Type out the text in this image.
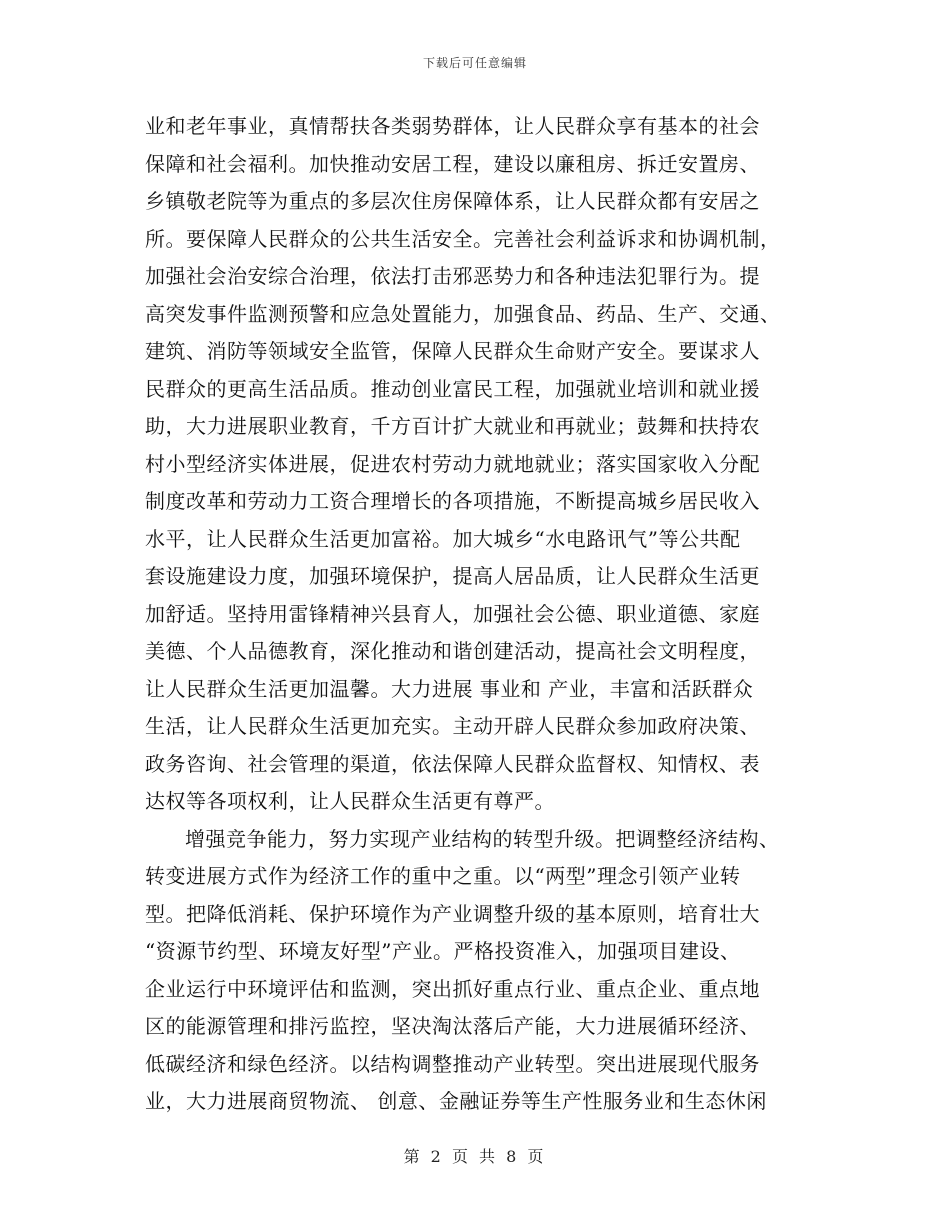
下载后可任意编辑
业和老年事业，真情帮扶各类弱势群体，让人民群众享有基本的社会
保障和社会福利。加快推动安居工程，建设以廉租房、拆迁安置房、
乡镇敬老院等为重点的多层次住房保障体系，让人民群众都有安居之
所。要保障人民群众的公共生活安全。完善社会利益诉求和协调机制，
加强社会治安综合治理，依法打击邪恶势力和各种违法犯罪行为。提
高突发事件监测预警和应急处置能力，加强食品、药品、生产、交通、
建筑、消防等领域安全监管，保障人民群众生命财产安全。要谋求人
民群众的更高生活品质。推动创业富民工程，加强就业培训和就业援
助，大力进展职业教育，千方百计扩大就业和再就业；鼓舞和扶持农
村小型经济实体进展，促进农村劳动力就地就业；落实国家收入分配
制度改革和劳动力工资合理增长的各项措施，不断提高城乡居民收入
水平，让人民群众生活更加富裕。加大城乡“水电路讯气”等公共配
套设施建设力度，加强环境保护，提高人居品质，让人民群众生活更
加舒适。坚持用雷锋精神兴县育人，加强社会公德、职业道德、家庭
美德、个人品德教育，深化推动和谐创建活动，提高社会文明程度，
让人民群众生活更加温馨。大力进展 事业和 产业，丰富和活跃群众
生活，让人民群众生活更加充实。主动开辟人民群众参加政府决策、
政务咨询、社会管理的渠道，依法保障人民群众监督权、知情权、表
达权等各项权利，让人民群众生活更有尊严。
增强竞争能力，努力实现产业结构的转型升级。把调整经济结构、
转变进展方式作为经济工作的重中之重。以“两型”理念引领产业转
型。把降低消耗、保护环境作为产业调整升级的基本原则，培育壮大
“资源节约型、环境友好型”产业。严格投资准入，加强项目建设、
企业运行中环境评估和监测，突出抓好重点行业、重点企业、重点地
区的能源管理和排污监控，坚决淘汰落后产能，大力进展循环经济、
低碳经济和绿色经济。以结构调整推动产业转型。突出进展现代服务
业，大力进展商贸物流、 创意、金融证券等生产性服务业和生态休闲
第 2 页 共 8 页
